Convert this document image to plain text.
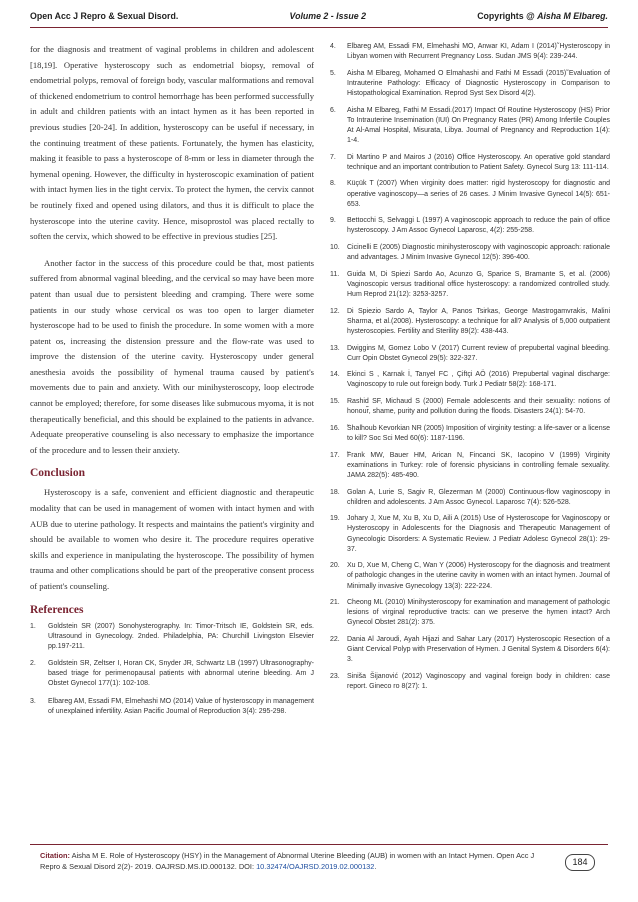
Open Acc J Repro & Sexual Disord.	Volume 2 - Issue 2	Copyrights @ Aisha M Elbareg.

for the diagnosis and treatment of vaginal problems in children and adolescent [18,19]. Operative hysteroscopy such as endometrial biopsy, removal of endometrial polyps, removal of foreign body, vascular malformations and removal of thickened endometrium to control hemorrhage has been performed successfully in adult and children patients with an intact hymen as it has been reported in previous studies [20-24]. In addition, hysteroscopy can be useful if necessary, in the continuing treatment of these patients. Fortunately, the hymen has elasticity, making it feasible to pass a hysteroscope of 8-mm or less in diameter through the hymenal opening. However, the difficulty in hysteroscopic examination of patient with intact hymen lies in the tight cervix. To protect the hymen, the cervix cannot be routinely fixed and opened using dilators, and thus it is difficult to place the hysteroscope into the uterine cavity. Hence, misoprostol was placed rectally to soften the cervix, which showed to be effective in previous studies [25].

Another factor in the success of this procedure could be that, most patients suffered from abnormal vaginal bleeding, and the cervical so may have been more patent than usual due to persistent bleeding and cramping. There were some patients in our study whose cervical os was too open to larger diameter hysteroscope had to be used to finish the procedure. In some women with a more patent os, increasing the distension pressure and the flow-rate was used to improve the distension of the uterine cavity. Hysteroscopy under general anesthesia avoids the possibility of hymenal trauma caused by patient's movements due to pain and anxiety. With our minihysteroscopy, loop electrode cannot be employed; therefore, for some diseases like submucous myoma, it is not therapeutically beneficial, and this should be explained to the patients in advance. Adequate preoperative counseling is also necessary to emphasize the importance of the procedure and to lessen their anxiety.

Conclusion

Hysteroscopy is a safe, convenient and efficient diagnostic and therapeutic modality that can be used in management of women with intact hymen and with AUB due to uterine pathology. It respects and maintains the patient's virginity and should be available to women who desire it. The procedure requires operative skills and experience in manipulating the hysteroscope. The possibility of hymen trauma and other complications should be part of the preoperative consent process of patient's counseling.

References
1.	Goldstein SR (2007) Sonohysterography. In: Timor-Tritsch IE, Goldstein SR, eds. Ultrasound in Gynecology. 2nded. Philadelphia, PA: Churchill Livingston Elsevier pp.197-211.
2.	Goldstein SR, Zeltser I, Horan CK, Snyder JR, Schwartz LB (1997) Ultrasonography-based triage for perimenopausal patients with abnormal uterine bleeding. Am J Obstet Gynecol 177(1): 102-108.
3.	Elbareg AM, Essadi FM, Elmehashi MO (2014) Value of hysteroscopy in management of unexplained infertility. Asian Pacific Journal of Reproduction 3(4): 295-298.
4.	Elbareg AM, Essadi FM, Elmehashi MO, Anwar KI, Adam I (2014)̃ Hysteroscopy in Libyan women with Recurrent Pregnancy Loss. Sudan JMS 9(4): 239-244.
5.	Aisha M Elbareg, Mohamed O Elmahashi and Fathi M Essadi (2015)̃ Evaluation of Intrauterine Pathology: Efficacy of Diagnostic Hysteroscopy in Comparison to Histopathological Examination. Reprod Syst Sex Disord 4(2).
6.	Aisha M Elbareg, Fathi M Essadi.(2017) Impact Of Routine Hysteroscopy (HS) Prior To Intrauterine Insemination (IUI) On Pregnancy Rates (PR) Among Infertile Couples At Al-Amal Hospital, Misurata, Libya. Journal of Pregnancy and Reproduction 1(4): 1-4.
7.	Di Martino P and Mairos J (2016) Office Hysteroscopy. An operative gold standard technique and an important contribution to Patient Safety. Gynecol Surg 13: 111-114.
8.	Küçük T (2007) When virginity does matter: rigid hysteroscopy for diagnostic and operative vaginoscopy—a series of 26 cases. J Minim Invasive Gynecol 14(5): 651-653.
9.	Bettocchi S, Selvaggi L (1997) A vaginoscopic approach to reduce the pain of office hysteroscopy. J Am Assoc Gynecol Laparosc, 4(2): 255-258.
10.	Cicinelli E (2005) Diagnostic minihysteroscopy with vaginoscopic approach: rationale and advantages. J Minim Invasive Gynecol 12(5): 396-400.
11.	Guida M, Di Spiezi Sardo Ao, Acunzo G, Sparice S, Bramante S, et al. (2006) Vaginoscopic versus traditional office hysteroscopy: a randomized controlled study. Hum Reprod 21(12): 3253-3257.
12.	Di Spiezio Sardo A, Taylor A, Panos Tsirkas, George Mastrogamvrakis, Malini Sharma, et al.(2008). Hysteroscopy: a technique for all? Analysis of 5,000 outpatient hysteroscopies. Fertility and Sterility 89(2): 438-443.
13.	Dwiggins M, Gomez Lobo V (2017) Current review of prepubertal vaginal bleeding. Curr Opin Obstet Gynecol 29(5): 322-327.
14.	Ekinci S , Karnak İ, Tanyel FC , Çiftçi AÖ (2016) Prepubertal vaginal discharge: Vaginoscopy to rule out foreign body. Turk J Pediatr 58(2): 168-171.
15.	Rashid SF, Michaud S (2000) Female adolescents and their sexuality: notions of honour̃, shame, purity and pollution during the floods. Disasters 24(1): 54-70.
16.	̃Shalhoub Kevorkian NR (2005) Imposition of virginity testing: a life-saver or a license to kill? Soc Sci Med 60(6): 1187-1196.
17.	̃Frank MW, Bauer HM, Arican N, Fincanci SK, Iacopino V (1999) Virginity examinations in Turkey: role of forensic physicians in controlling female sexuality. JAMA 282(5): 485-490.
18.	Golan A, Lurie S, Sagiv R, Glezerman M (2000) Continuous-flow vaginoscopy in children and adolescents. J Am Assoc Gynecol. Laparosc 7(4): 526-528.
19.	Johary J, Xue M, Xu B, Xu D, Aili A (2015) Use of Hysteroscope for Vaginoscopy or Hysteroscopy in Adolescents for the Diagnosis and Therapeutic Management of Gynecologic Disorders: A Systematic Review. J Pediatr Adolesc Gynecol 28(1): 29-37.
20.	Xu D, Xue M, Cheng C, Wan Y (2006) Hysteroscopy for the diagnosis and treatment of pathologic changes in the uterine cavity in women with an intact hymen. Journal of Minimally invasive Gynecology 13(3): 222-224.
21.	Cheong ML (2010) Minihysteroscopy for examination and management of pathologic lesions of virginal reproductive tracts: can we preserve the hymen intact? Arch Gynecol Obstet 281(2): 375.
22.	Dania Al Jaroudi, Ayah Hijazi and Sahar Lary (2017) Hysteroscopic Resection of a Giant Cervical Polyp with Preservation of Hymen. J Genital System & Disorders 6(4): 3.
23.	Siniša Šijanović (2012) Vaginoscopy and vaginal foreign body in children: case report. Gineco ro 8(27): 1.
Citation: Aisha M E. Role of Hysteroscopy (HSY) in the Management of Abnormal Uterine Bleeding (AUB) in women with an Intact Hymen. Open Acc J Repro & Sexual Disord 2(2)- 2019. OAJRSD.MS.ID.000132. DOI: 10.32474/OAJRSD.2019.02.000132.	184
